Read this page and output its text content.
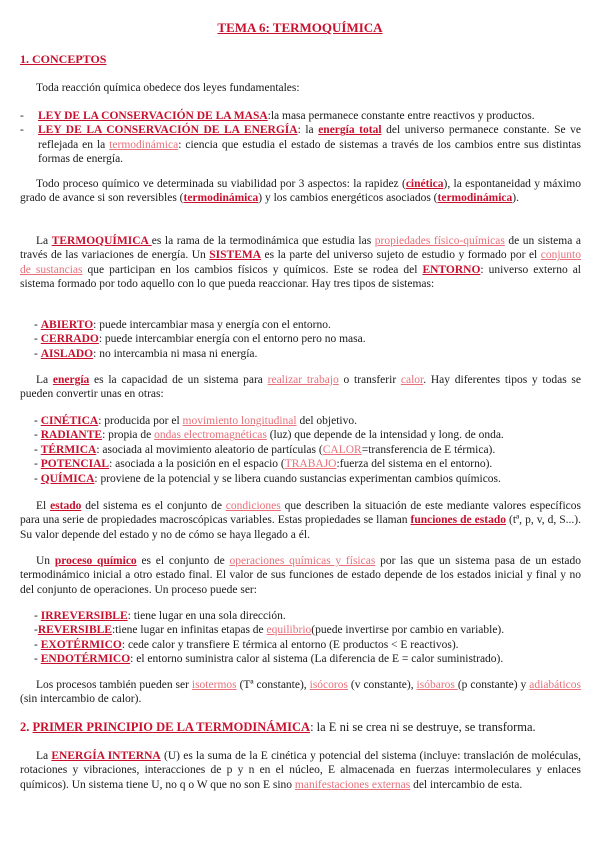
TEMA 6: TERMOQUÍMICA
1. CONCEPTOS
Toda reacción química obedece dos leyes fundamentales:
- LEY DE LA CONSERVACIÓN DE LA MASA:la masa permanece constante entre reactivos y productos.
- LEY DE LA CONSERVACIÓN DE LA ENERGÍA: la energía total del universo permanece constante. Se ve reflejada en la termodinámica: ciencia que estudia el estado de sistemas a través de los cambios entre sus distintas formas de energía.
Todo proceso químico ve determinada su viabilidad por 3 aspectos: la rapidez (cinética), la espontaneidad y máximo grado de avance si son reversibles (termodinámica) y los cambios energéticos asociados (termodinámica).
La TERMOQUÍMICA es la rama de la termodinámica que estudia las propiedades físico-químicas de un sistema a través de las variaciones de energía. Un SISTEMA es la parte del universo sujeto de estudio y formado por el conjunto de sustancias que participan en los cambios físicos y químicos. Este se rodea del ENTORNO: universo externo al sistema formado por todo aquello con lo que pueda reaccionar. Hay tres tipos de sistemas:
- ABIERTO: puede intercambiar masa y energía con el entorno.
- CERRADO: puede intercambiar energía con el entorno pero no masa.
- AISLADO: no intercambia ni masa ni energía.
La energía es la capacidad de un sistema para realizar trabajo o transferir calor. Hay diferentes tipos y todas se pueden convertir unas en otras:
- CINÉTICA: producida por el movimiento longitudinal del objetivo.
- RADIANTE: propia de ondas electromagnéticas (luz) que depende de la intensidad y long. de onda.
- TÉRMICA: asociada al movimiento aleatorio de partículas (CALOR=transferencia de E térmica).
- POTENCIAL: asociada a la posición en el espacio (TRABAJO:fuerza del sistema en el entorno).
- QUÍMICA: proviene de la potencial y se libera cuando sustancias experimentan cambios químicos.
El estado del sistema es el conjunto de condiciones que describen la situación de este mediante valores específicos para una serie de propiedades macroscópicas variables. Estas propiedades se llaman funciones de estado (tª, p, v, d, S...). Su valor depende del estado y no de cómo se haya llegado a él.
Un proceso químico es el conjunto de operaciones químicas y físicas por las que un sistema pasa de un estado termodinámico inicial a otro estado final. El valor de sus funciones de estado depende de los estados inicial y final y no del conjunto de operaciones. Un proceso puede ser:
- IRREVERSIBLE: tiene lugar en una sola dirección.
-REVERSIBLE:tiene lugar en infinitas etapas de equilibrio(puede invertirse por cambio en variable).
- EXOTÉRMICO: cede calor y transfiere E térmica al entorno (E productos < E reactivos).
- ENDOTÉRMICO: el entorno suministra calor al sistema (La diferencia de E = calor suministrado).
Los procesos también pueden ser isotermos (Tª constante), isócoros (v constante), isóbaros (p constante) y adiabáticos (sin intercambio de calor).
2. PRIMER PRINCIPIO DE LA TERMODINÁMICA: la E ni se crea ni se destruye, se transforma.
La ENERGÍA INTERNA (U) es la suma de la E cinética y potencial del sistema (incluye: translación de moléculas, rotaciones y vibraciones, interacciones de p y n en el núcleo, E almacenada en fuerzas intermoleculares y enlaces químicos). Un sistema tiene U, no q o W que no son E sino manifestaciones externas del intercambio de esta.
